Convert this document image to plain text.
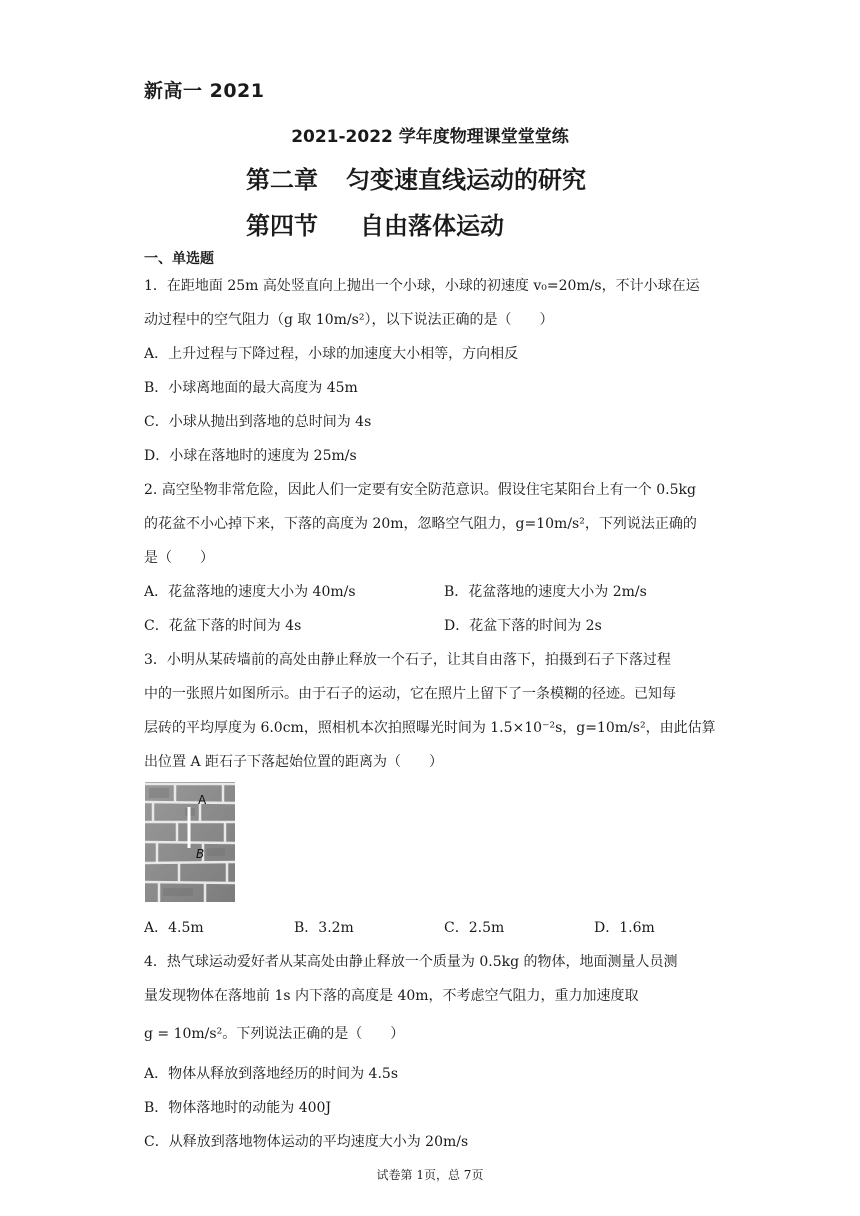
新高一 2021
2021-2022 学年度物理课堂堂堂练
第二章 匀变速直线运动的研究
第四节 自由落体运动
一、单选题
1．在距地面 25m 高处竖直向上抛出一个小球，小球的初速度 v₀=20m/s，不计小球在运
动过程中的空气阻力（g 取 10m/s²），以下说法正确的是（　　）
A．上升过程与下降过程，小球的加速度大小相等，方向相反
B．小球离地面的最大高度为 45m
C．小球从抛出到落地的总时间为 4s
D．小球在落地时的速度为 25m/s
2. 高空坠物非常危险，因此人们一定要有安全防范意识。假设住宅某阳台上有一个 0.5kg
的花盆不小心掉下来，下落的高度为 20m，忽略空气阻力，g=10m/s²，下列说法正确的
是（　　）
A．花盆落地的速度大小为 40m/s	B．花盆落地的速度大小为 2m/s
C．花盆下落的时间为 4s	D．花盆下落的时间为 2s
3．小明从某砖墙前的高处由静止释放一个石子，让其自由落下，拍摄到石子下落过程
中的一张照片如图所示。由于石子的运动，它在照片上留下了一条模糊的径迹。已知每
层砖的平均厚度为 6.0cm，照相机本次拍照曝光时间为 1.5×10⁻²s，g=10m/s²，由此估算
出位置 A 距石子下落起始位置的距离为（　　）
A
B
A．4.5m	B．3.2m	C．2.5m	D．1.6m
4．热气球运动爱好者从某高处由静止释放一个质量为 0.5kg 的物体，地面测量人员测
量发现物体在落地前 1s 内下落的高度是 40m，不考虑空气阻力，重力加速度取
g = 10m/s²。下列说法正确的是（　　）
A．物体从释放到落地经历的时间为 4.5s
B．物体落地时的动能为 400J
C．从释放到落地物体运动的平均速度大小为 20m/s
试卷第 1页，总 7页
